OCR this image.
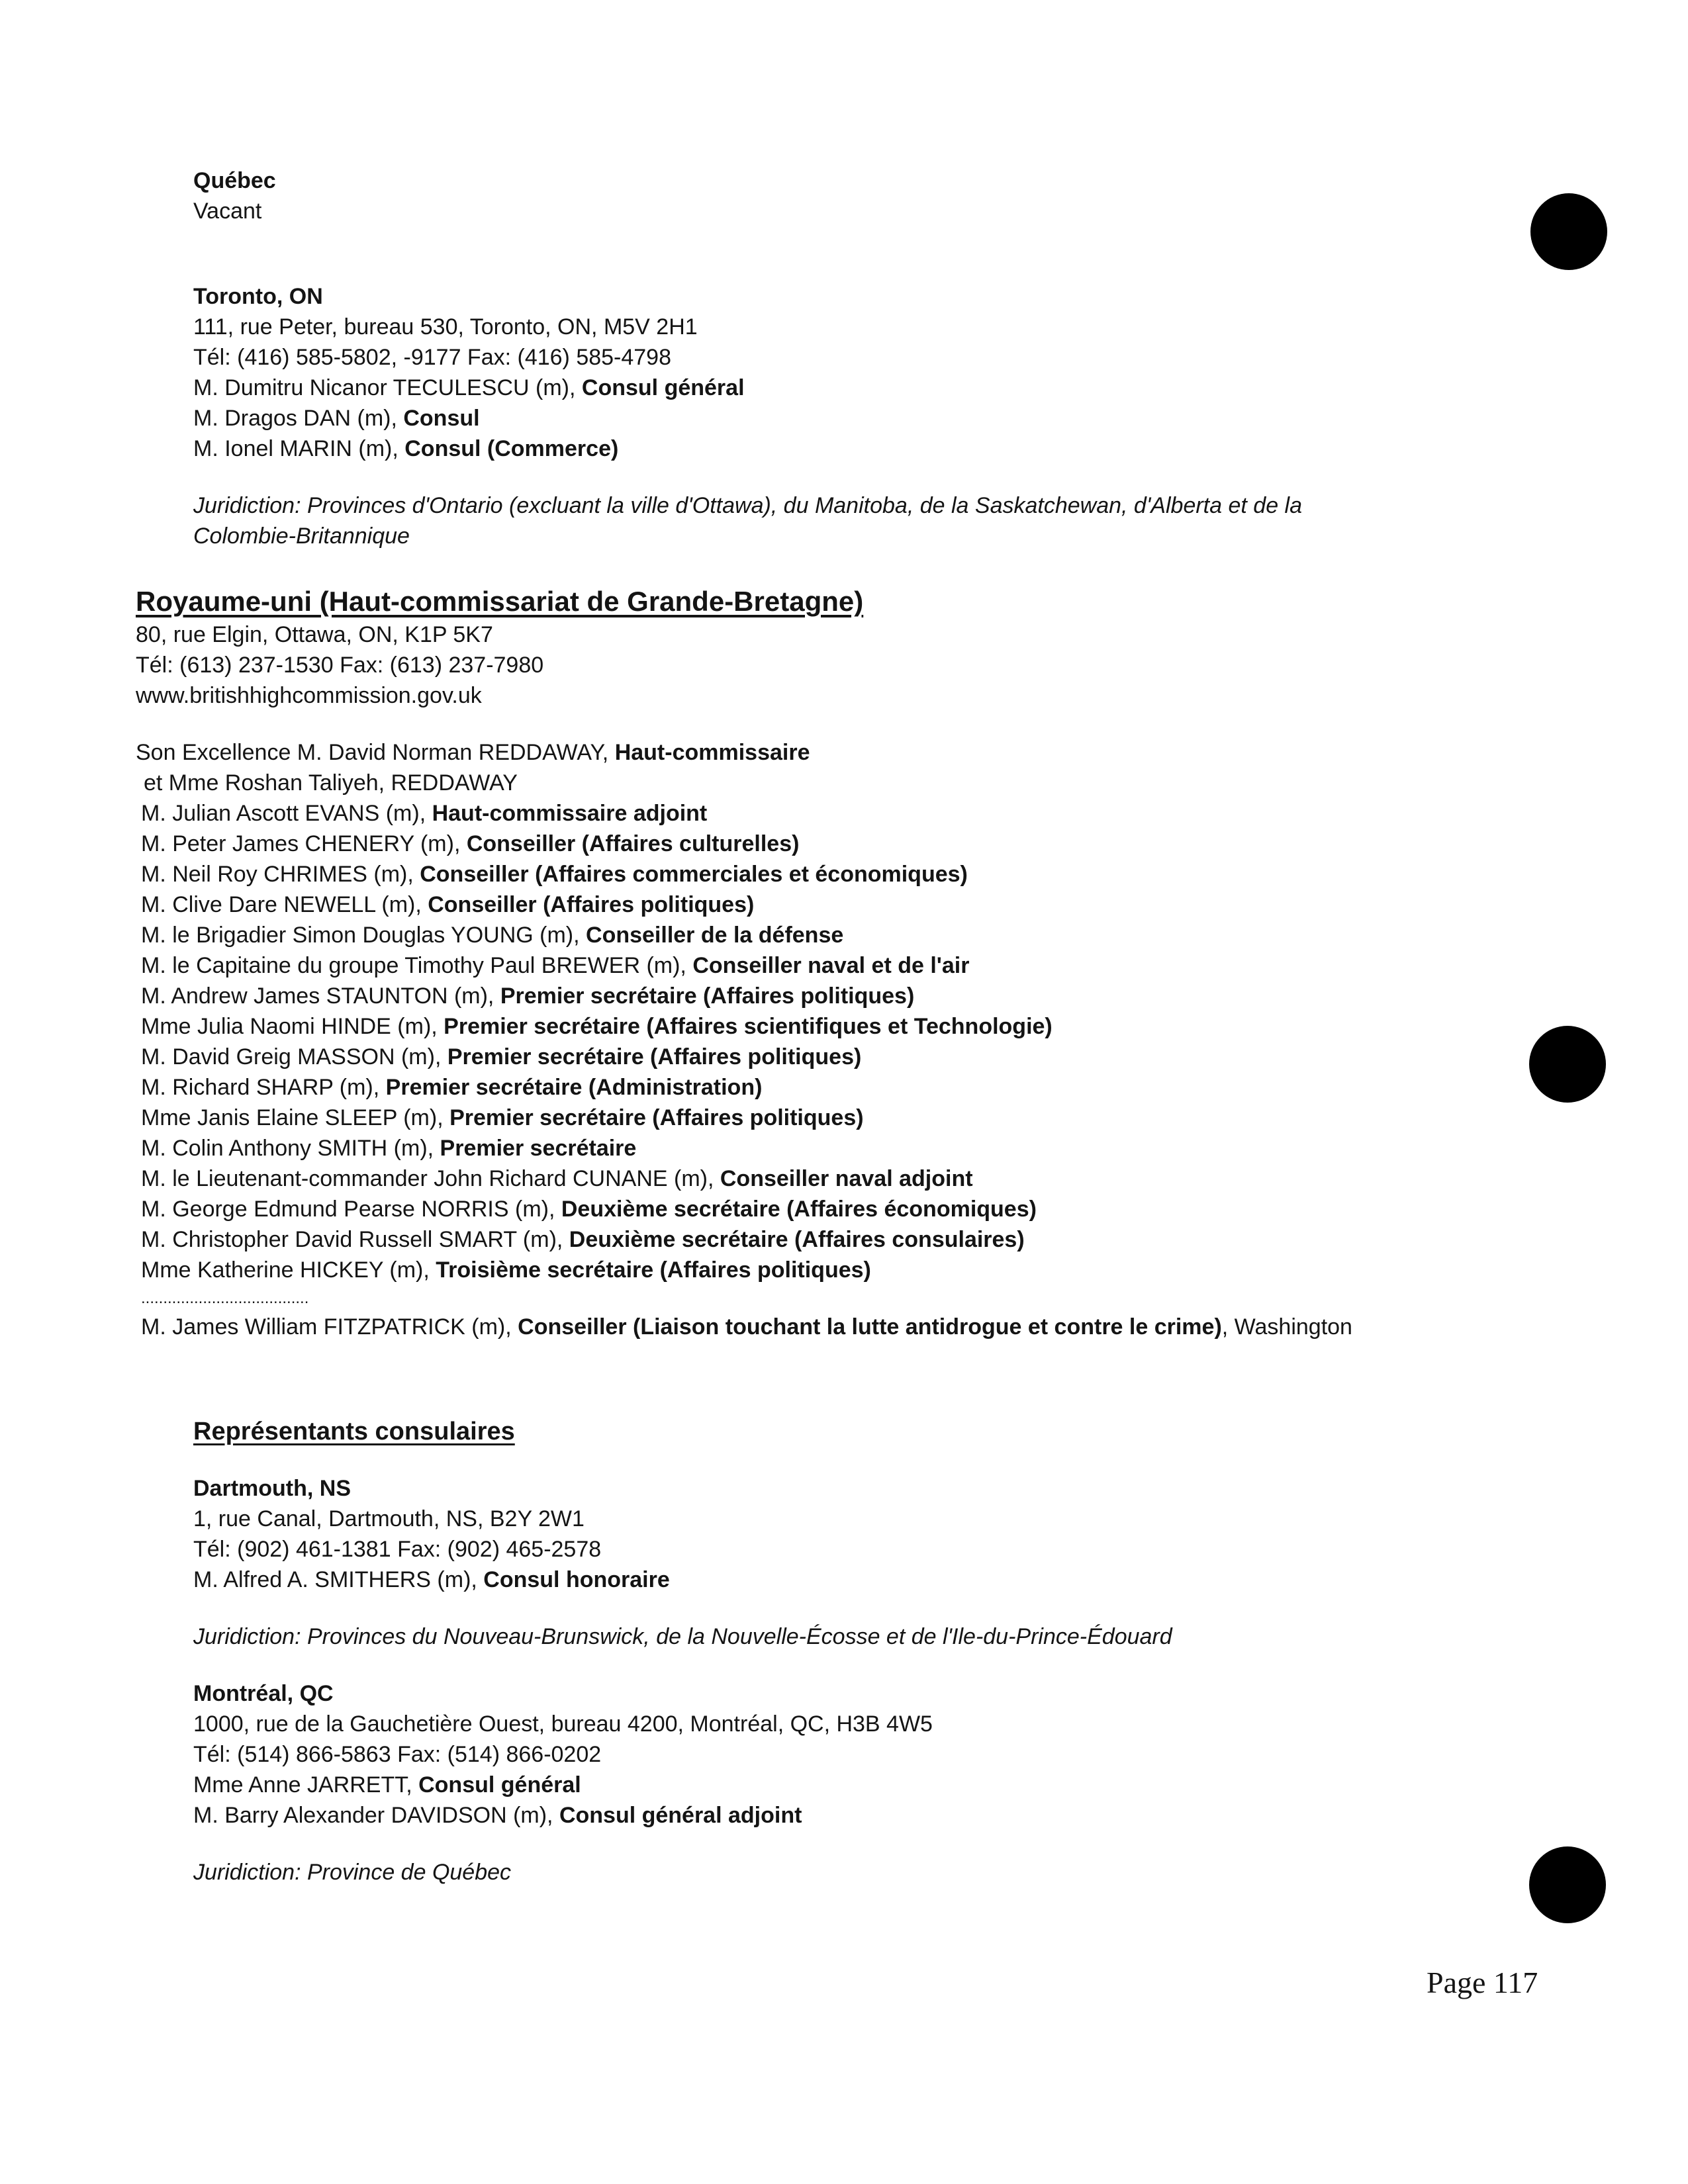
Québec
Vacant
Toronto, ON
111, rue Peter, bureau 530, Toronto, ON, M5V 2H1
Tél: (416) 585-5802, -9177 Fax: (416) 585-4798
M. Dumitru Nicanor TECULESCU (m), Consul général
M. Dragos DAN (m), Consul
M. Ionel MARIN (m), Consul (Commerce)
Juridiction: Provinces d'Ontario (excluant la ville d'Ottawa), du Manitoba, de la Saskatchewan, d'Alberta et de la
Colombie-Britannique
Royaume-uni (Haut-commissariat de Grande-Bretagne)
80, rue Elgin, Ottawa, ON, K1P 5K7
Tél: (613) 237-1530 Fax: (613) 237-7980
www.britishhighcommission.gov.uk
Son Excellence M. David Norman REDDAWAY, Haut-commissaire
et Mme Roshan Taliyeh, REDDAWAY
M. Julian Ascott EVANS (m), Haut-commissaire adjoint
M. Peter James CHENERY (m), Conseiller (Affaires culturelles)
M. Neil Roy CHRIMES (m), Conseiller (Affaires commerciales et économiques)
M. Clive Dare NEWELL (m), Conseiller (Affaires politiques)
M. le Brigadier Simon Douglas YOUNG (m), Conseiller de la défense
M. le Capitaine du groupe Timothy Paul BREWER (m), Conseiller naval et de l'air
M. Andrew James STAUNTON (m), Premier secrétaire (Affaires politiques)
Mme Julia Naomi HINDE (m), Premier secrétaire (Affaires scientifiques et Technologie)
M. David Greig MASSON (m), Premier secrétaire (Affaires politiques)
M. Richard SHARP (m), Premier secrétaire (Administration)
Mme Janis Elaine SLEEP (m), Premier secrétaire (Affaires politiques)
M. Colin Anthony SMITH (m), Premier secrétaire
M. le Lieutenant-commander John Richard CUNANE (m), Conseiller naval adjoint
M. George Edmund Pearse NORRIS (m), Deuxième secrétaire (Affaires économiques)
M. Christopher David Russell SMART (m), Deuxième secrétaire (Affaires consulaires)
Mme Katherine HICKEY (m), Troisième secrétaire (Affaires politiques)
......................................
M. James William FITZPATRICK (m), Conseiller (Liaison touchant la lutte antidrogue et contre le crime), Washington
Représentants consulaires
Dartmouth, NS
1, rue Canal, Dartmouth, NS, B2Y 2W1
Tél: (902) 461-1381 Fax: (902) 465-2578
M. Alfred A. SMITHERS (m), Consul honoraire
Juridiction: Provinces du Nouveau-Brunswick, de la Nouvelle-Écosse et de l'Ile-du-Prince-Édouard
Montréal, QC
1000, rue de la Gauchetière Ouest, bureau 4200, Montréal, QC, H3B 4W5
Tél: (514) 866-5863 Fax: (514) 866-0202
Mme Anne JARRETT, Consul général
M. Barry Alexander DAVIDSON (m), Consul général adjoint
Juridiction: Province de Québec
Page 117
